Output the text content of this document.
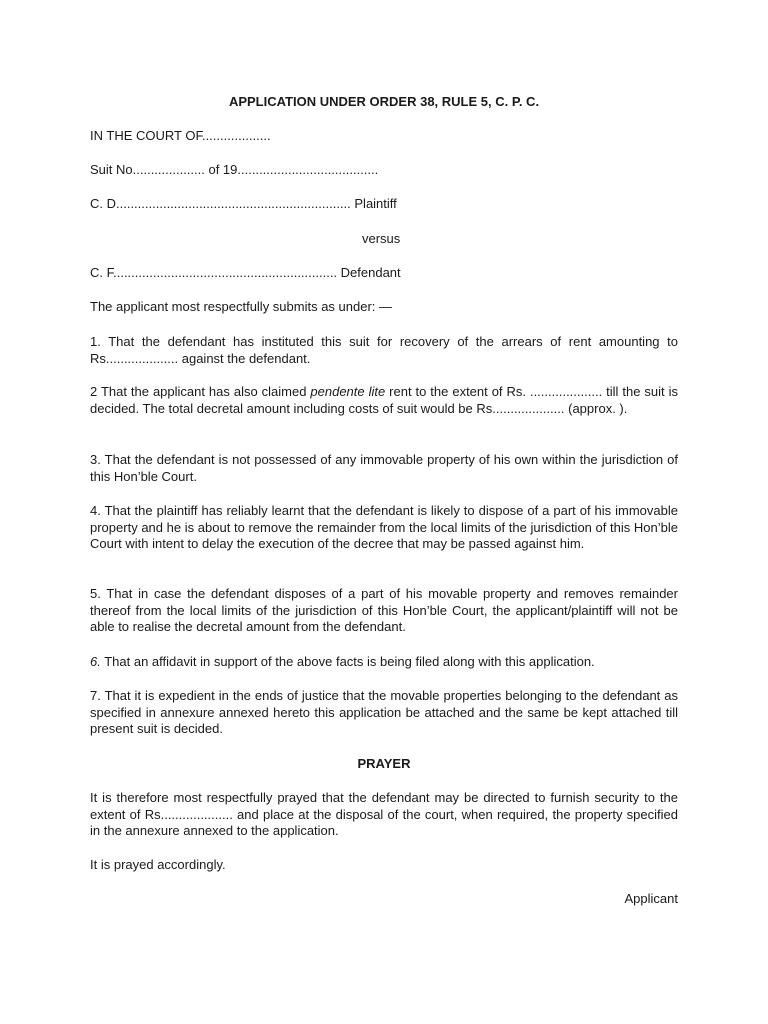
APPLICATION UNDER ORDER 38, RULE 5, C. P. C.

IN THE COURT OF...................

Suit No.................... of 19.......................................

C. D................................................................. Plaintiff

versus

C. F.............................................................. Defendant

The applicant most respectfully submits as under: —

1. That the defendant has instituted this suit for recovery of the arrears of rent amounting to Rs.................... against the defendant.

2 That the applicant has also claimed pendente lite rent to the extent of Rs. .................... till the suit is decided. The total decretal amount including costs of suit would be Rs.................... (approx. ).

3. That the defendant is not possessed of any immovable property of his own within the jurisdiction of this Hon’ble Court.

4. That the plaintiff has reliably learnt that the defendant is likely to dispose of a part of his immovable property and he is about to remove the remainder from the local limits of the jurisdiction of this Hon’ble Court with intent to delay the execution of the decree that may be passed against him.

5. That in case the defendant disposes of a part of his movable property and removes remainder thereof from the local limits of the jurisdiction of this Hon’ble Court, the applicant/plaintiff will not be able to realise the decretal amount from the defendant.

6. That an affidavit in support of the above facts is being filed along with this application.

7. That it is expedient in the ends of justice that the movable properties belonging to the defendant as specified in annexure annexed hereto this application be attached and the same be kept attached till present suit is decided.

PRAYER

It is therefore most respectfully prayed that the defendant may be directed to furnish security to the extent of Rs.................... and place at the disposal of the court, when required, the property specified in the annexure annexed to the application.

It is prayed accordingly.

Applicant
